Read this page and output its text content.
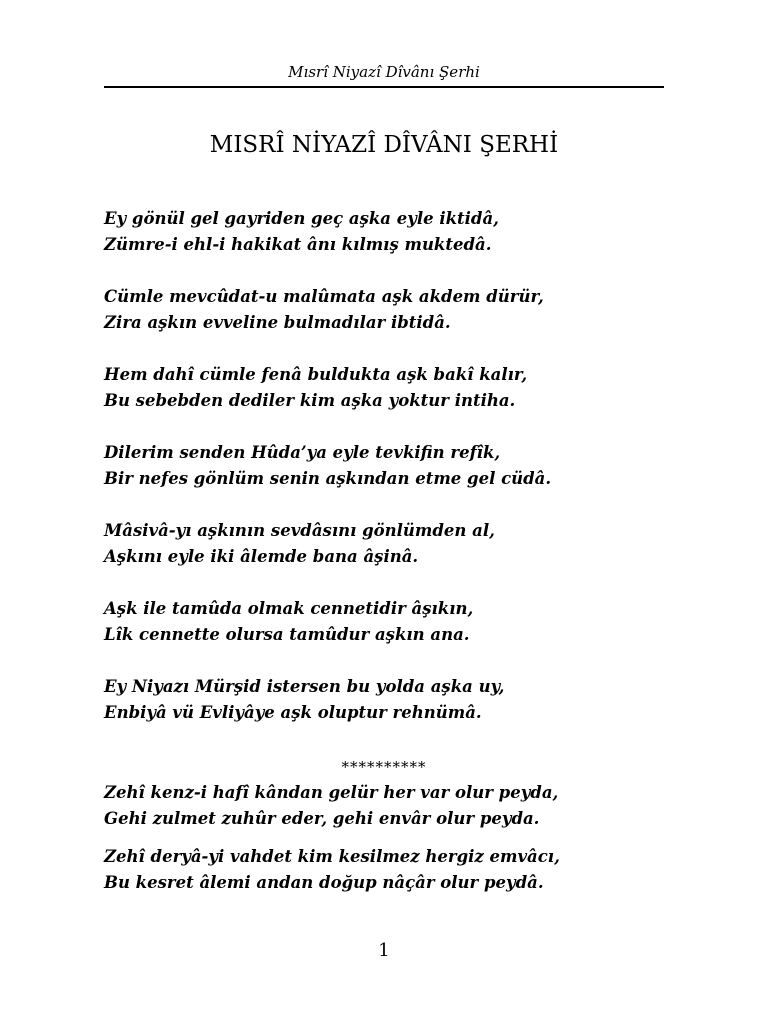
Mısrî Niyazî Dîvânı Şerhi
MISRÎ NİYAZÎ DÎVÂNI ŞERHİ
Ey gönül gel gayriden geç aşka eyle iktidâ,
Zümre-i ehl-i hakikat ânı kılmış muktedâ.
Cümle mevcûdat-u malûmata aşk akdem dürür,
Zira aşkın evveline bulmadılar ibtidâ.
Hem dahî cümle fenâ buldukta aşk bakî kalır,
Bu sebebden dediler kim aşka yoktur intiha.
Dilerim senden Hûda’ya eyle tevkifin refîk,
Bir nefes gönlüm senin aşkından etme gel cüdâ.
Mâsivâ-yı aşkının sevdâsını gönlümden al,
Aşkını eyle iki âlemde bana âşinâ.
Aşk ile tamûda olmak cennetidir âşıkın,
Lîk cennette olursa tamûdur aşkın ana.
Ey Niyazı Mürşid istersen bu yolda aşka uy,
Enbiyâ vü Evliyâye aşk oluptur rehnümâ.
**********
Zehî kenz-i hafî kândan gelür her var olur peyda,
Gehi zulmet zuhûr eder, gehi envâr olur peyda.
Zehî deryâ-yi vahdet kim kesilmez hergiz emvâcı,
Bu kesret âlemi andan doğup nâçâr olur peydâ.
1
